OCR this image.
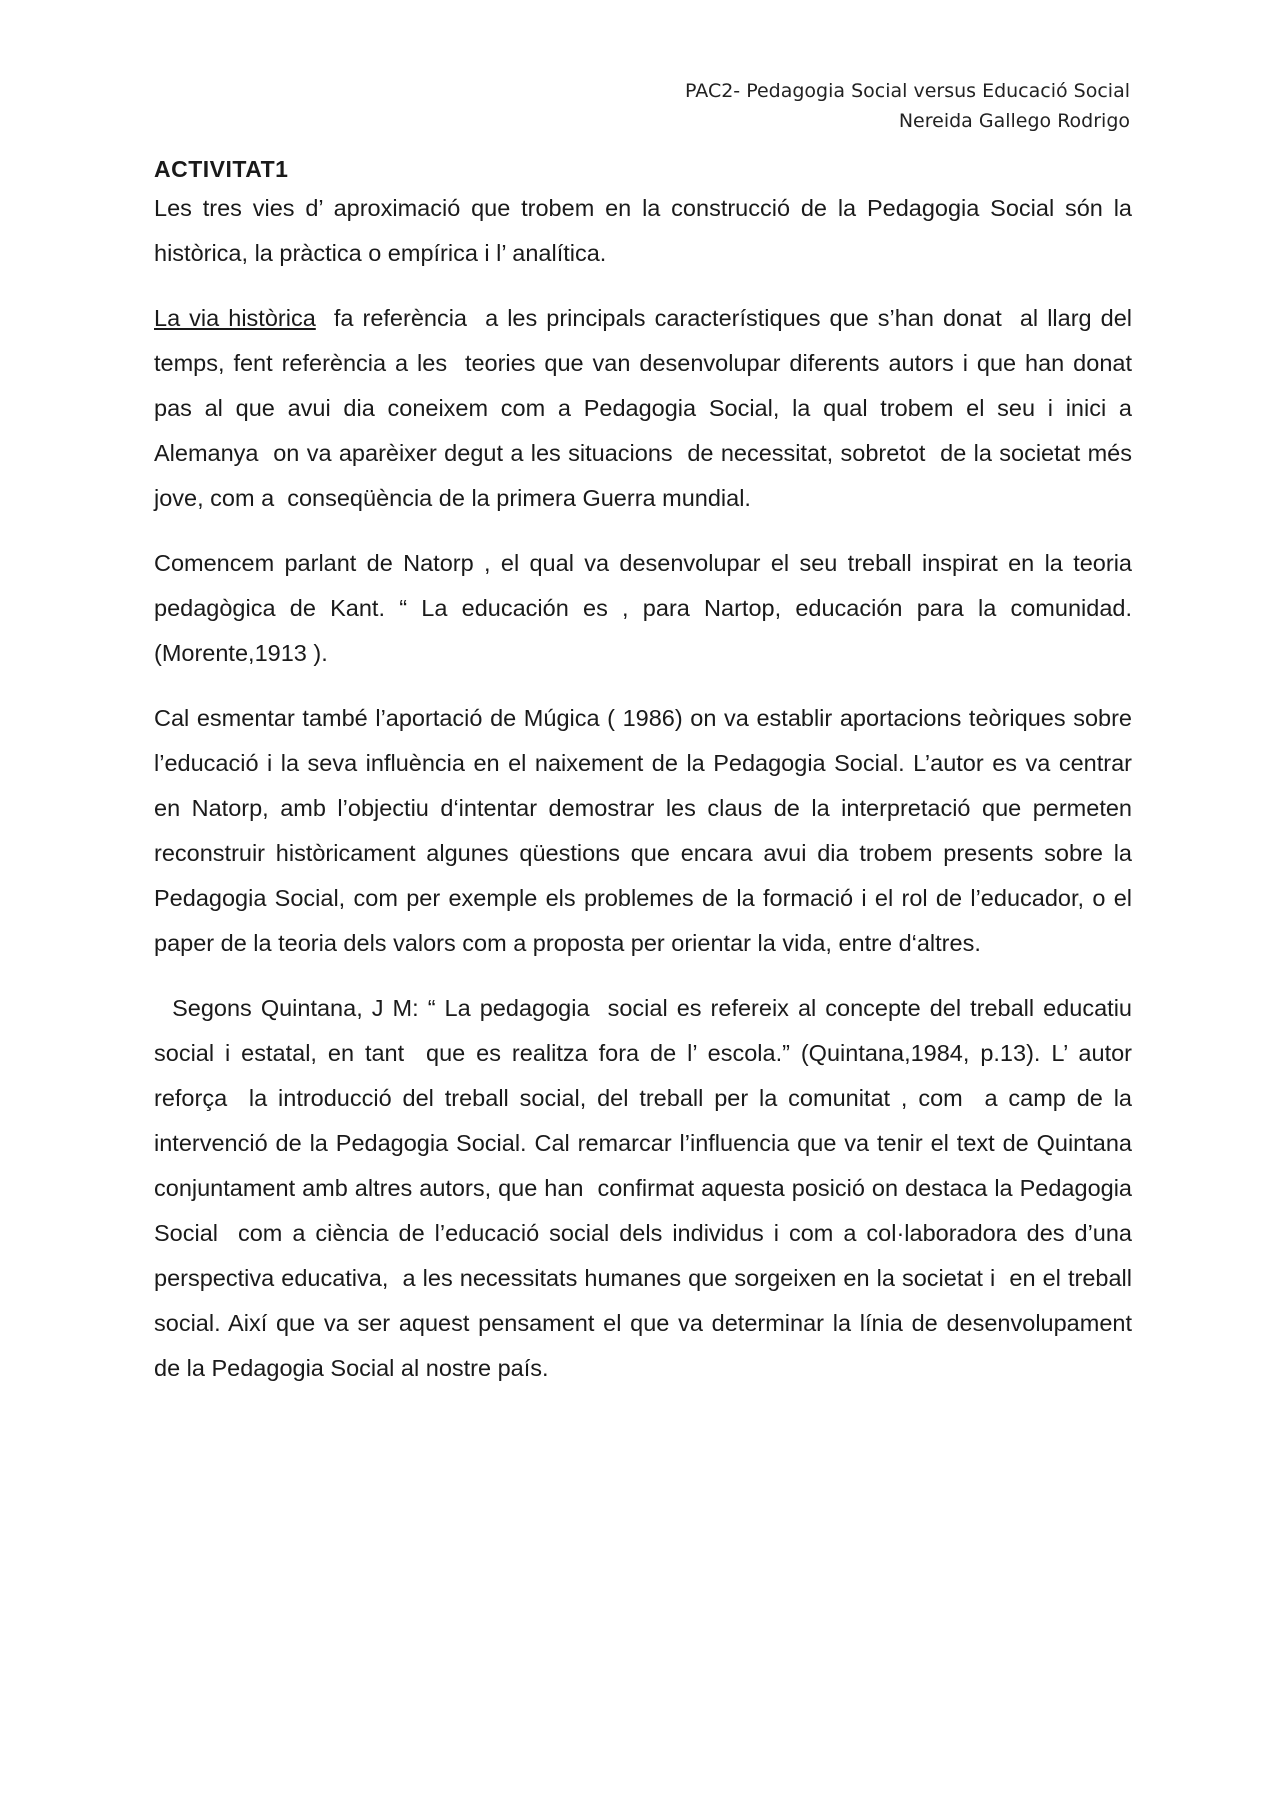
PAC2- Pedagogia Social versus Educació Social
Nereida Gallego Rodrigo
ACTIVITAT1

Les tres vies d’ aproximació que trobem en la construcció de la Pedagogia Social són la històrica, la pràctica o empírica i l’ analítica.

La via històrica  fa referència  a les principals característiques que s’han donat  al llarg del temps, fent referència a les  teories que van desenvolupar diferents autors i que han donat pas al que avui dia coneixem com a Pedagogia Social, la qual trobem el seu i inici a Alemanya  on va aparèixer degut a les situacions  de necessitat, sobretot  de la societat més jove, com a  conseqüència de la primera Guerra mundial.

Comencem parlant de Natorp , el qual va desenvolupar el seu treball inspirat en la teoria pedagògica de Kant. “ La educación es , para Nartop, educación para la comunidad.(Morente,1913 ).

Cal esmentar també l’aportació de Múgica ( 1986) on va establir aportacions teòriques sobre l’educació i la seva influència en el naixement de la Pedagogia Social. L’autor es va centrar en Natorp, amb l’objectiu d‘intentar demostrar les claus de la interpretació que permeten reconstruir històricament algunes qüestions que encara avui dia trobem presents sobre la Pedagogia Social, com per exemple els problemes de la formació i el rol de l’educador, o el paper de la teoria dels valors com a proposta per orientar la vida, entre d‘altres.

Segons Quintana, J M: “ La pedagogia  social es refereix al concepte del treball educatiu social i estatal, en tant  que es realitza fora de l’ escola.” (Quintana,1984, p.13). L’ autor reforça  la introducció del treball social, del treball per la comunitat , com  a camp de la intervenció de la Pedagogia Social. Cal remarcar l’influencia que va tenir el text de Quintana conjuntament amb altres autors, que han  confirmat aquesta posició on destaca la Pedagogia Social  com a ciència de l’educació social dels individus i com a col·laboradora des d’una perspectiva educativa,  a les necessitats humanes que sorgeixen en la societat i  en el treball social. Així que va ser aquest pensament el que va determinar la línia de desenvolupament de la Pedagogia Social al nostre país.
